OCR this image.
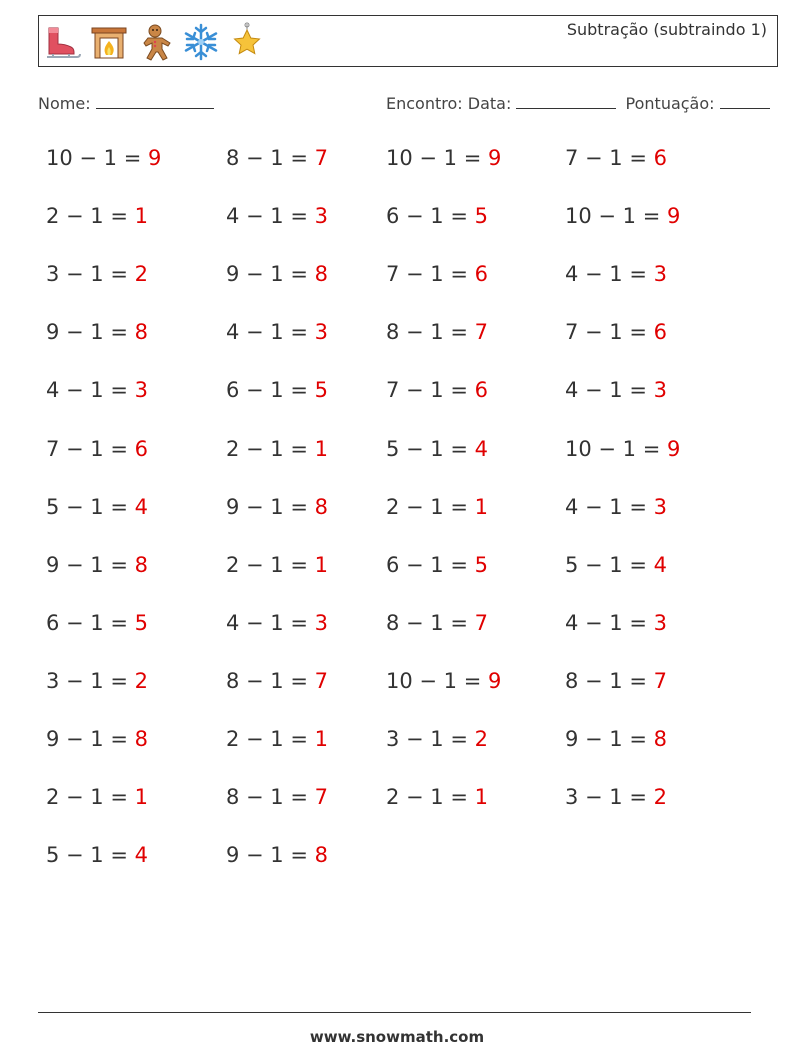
Subtração (subtraindo 1)
Nome:	Encontro: Data:	Pontuação:
10 − 1 = 9	8 − 1 = 7	10 − 1 = 9	7 − 1 = 6
2 − 1 = 1	4 − 1 = 3	6 − 1 = 5	10 − 1 = 9
3 − 1 = 2	9 − 1 = 8	7 − 1 = 6	4 − 1 = 3
9 − 1 = 8	4 − 1 = 3	8 − 1 = 7	7 − 1 = 6
4 − 1 = 3	6 − 1 = 5	7 − 1 = 6	4 − 1 = 3
7 − 1 = 6	2 − 1 = 1	5 − 1 = 4	10 − 1 = 9
5 − 1 = 4	9 − 1 = 8	2 − 1 = 1	4 − 1 = 3
9 − 1 = 8	2 − 1 = 1	6 − 1 = 5	5 − 1 = 4
6 − 1 = 5	4 − 1 = 3	8 − 1 = 7	4 − 1 = 3
3 − 1 = 2	8 − 1 = 7	10 − 1 = 9	8 − 1 = 7
9 − 1 = 8	2 − 1 = 1	3 − 1 = 2	9 − 1 = 8
2 − 1 = 1	8 − 1 = 7	2 − 1 = 1	3 − 1 = 2
5 − 1 = 4	9 − 1 = 8
www.snowmath.com
